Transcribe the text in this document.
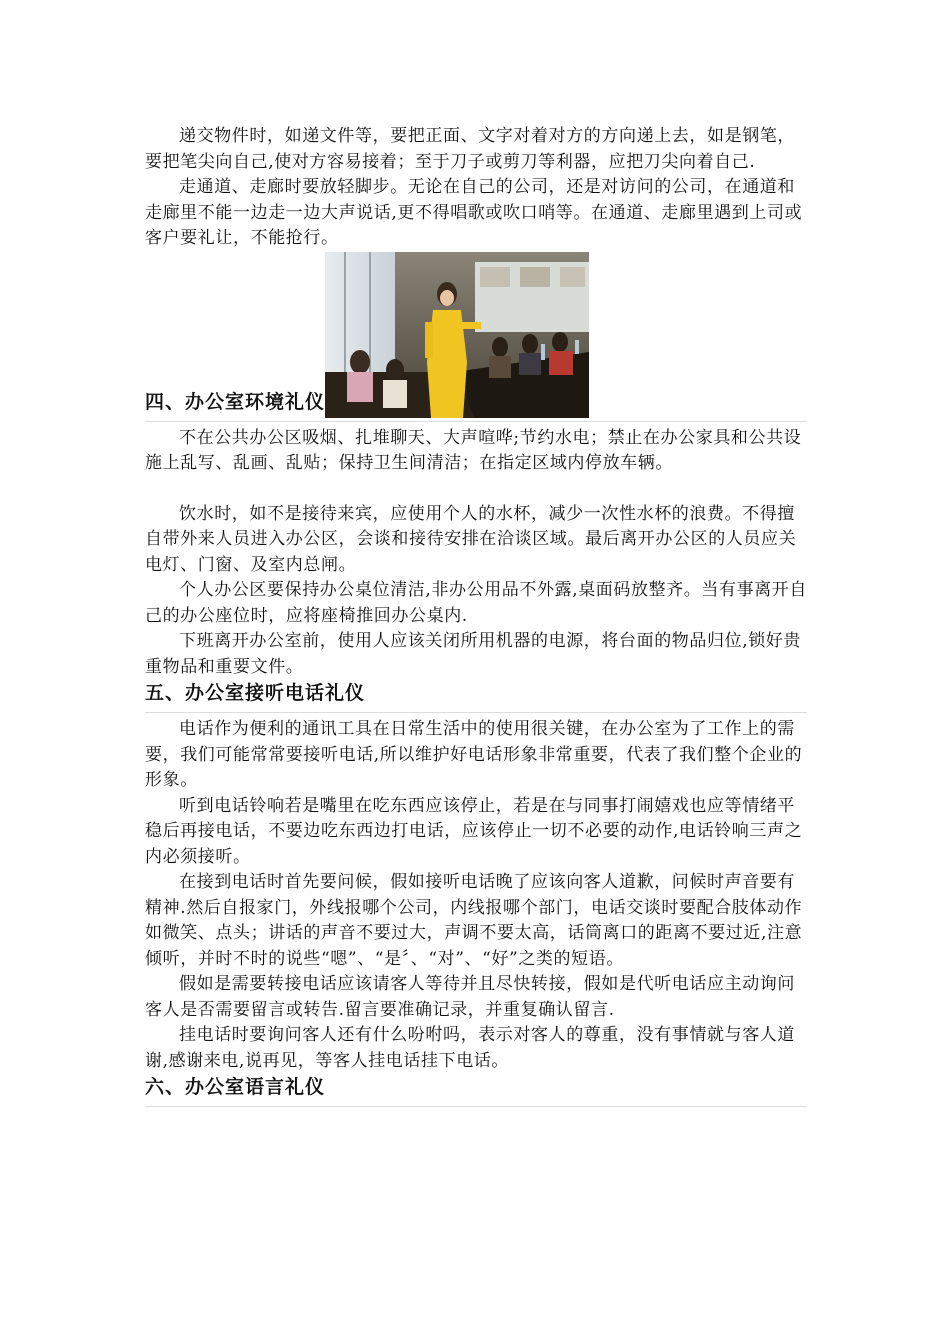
递交物件时，如递文件等，要把正面、文字对着对方的方向递上去，如是钢笔，要把笔尖向自己,使对方容易接着；至于刀子或剪刀等利器，应把刀尖向着自己.

走通道、走廊时要放轻脚步。无论在自己的公司，还是对访问的公司，在通道和走廊里不能一边走一边大声说话,更不得唱歌或吹口哨等。在通道、走廊里遇到上司或客户要礼让，不能抢行。

四、办公室环境礼仪

不在公共办公区吸烟、扎堆聊天、大声喧哗;节约水电；禁止在办公家具和公共设施上乱写、乱画、乱贴；保持卫生间清洁；在指定区域内停放车辆。

饮水时，如不是接待来宾，应使用个人的水杯，减少一次性水杯的浪费。不得擅自带外来人员进入办公区，会谈和接待安排在洽谈区域。最后离开办公区的人员应关电灯、门窗、及室内总闸。

个人办公区要保持办公桌位清洁,非办公用品不外露,桌面码放整齐。当有事离开自己的办公座位时，应将座椅推回办公桌内.

下班离开办公室前，使用人应该关闭所用机器的电源，将台面的物品归位,锁好贵重物品和重要文件。

五、办公室接听电话礼仪

电话作为便利的通讯工具在日常生活中的使用很关键，在办公室为了工作上的需要，我们可能常常要接听电话,所以维护好电话形象非常重要，代表了我们整个企业的形象。

听到电话铃响若是嘴里在吃东西应该停止，若是在与同事打闹嬉戏也应等情绪平稳后再接电话，不要边吃东西边打电话，应该停止一切不必要的动作,电话铃响三声之内必须接听。

在接到电话时首先要问候，假如接听电话晚了应该向客人道歉，问候时声音要有精神.然后自报家门，外线报哪个公司，内线报哪个部门，电话交谈时要配合肢体动作如微笑、点头；讲话的声音不要过大，声调不要太高，话筒离口的距离不要过近,注意倾听，并时不时的说些“嗯”、“是〞、“对”、“好”之类的短语。

假如是需要转接电话应该请客人等待并且尽快转接，假如是代听电话应主动询问客人是否需要留言或转告.留言要准确记录，并重复确认留言.

挂电话时要询问客人还有什么吩咐吗，表示对客人的尊重，没有事情就与客人道谢,感谢来电,说再见，等客人挂电话挂下电话。

六、办公室语言礼仪
